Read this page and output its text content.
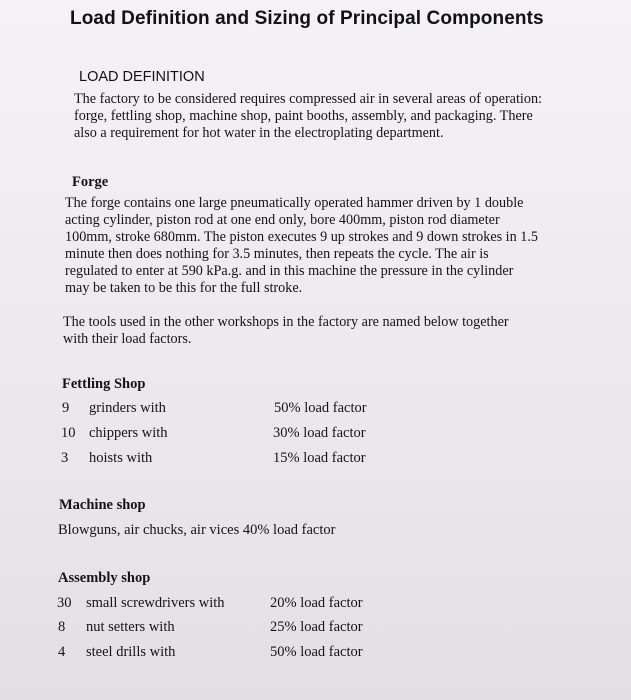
Load Definition and Sizing of Principal Components
LOAD DEFINITION
The factory to be considered requires compressed air in several areas of operation:
forge, fettling shop, machine shop, paint booths, assembly, and packaging. There
also a requirement for hot water in the electroplating department.
Forge
The forge contains one large pneumatically operated hammer driven by 1 double
acting cylinder, piston rod at one end only, bore 400mm, piston rod diameter
100mm, stroke 680mm. The piston executes 9 up strokes and 9 down strokes in 1.5
minute then does nothing for 3.5 minutes, then repeats the cycle. The air is
regulated to enter at 590 kPa.g. and in this machine the pressure in the cylinder
may be taken to be this for the full stroke.
The tools used in the other workshops in the factory are named below together
with their load factors.
Fettling Shop
9 grinders with	50% load factor
10 chippers with	30% load factor
3 hoists with	15% load factor
Machine shop
Blowguns, air chucks, air vices 40% load factor
Assembly shop
30 small screwdrivers with	20% load factor
8 nut setters with	25% load factor
4 steel drills with	50% load factor
